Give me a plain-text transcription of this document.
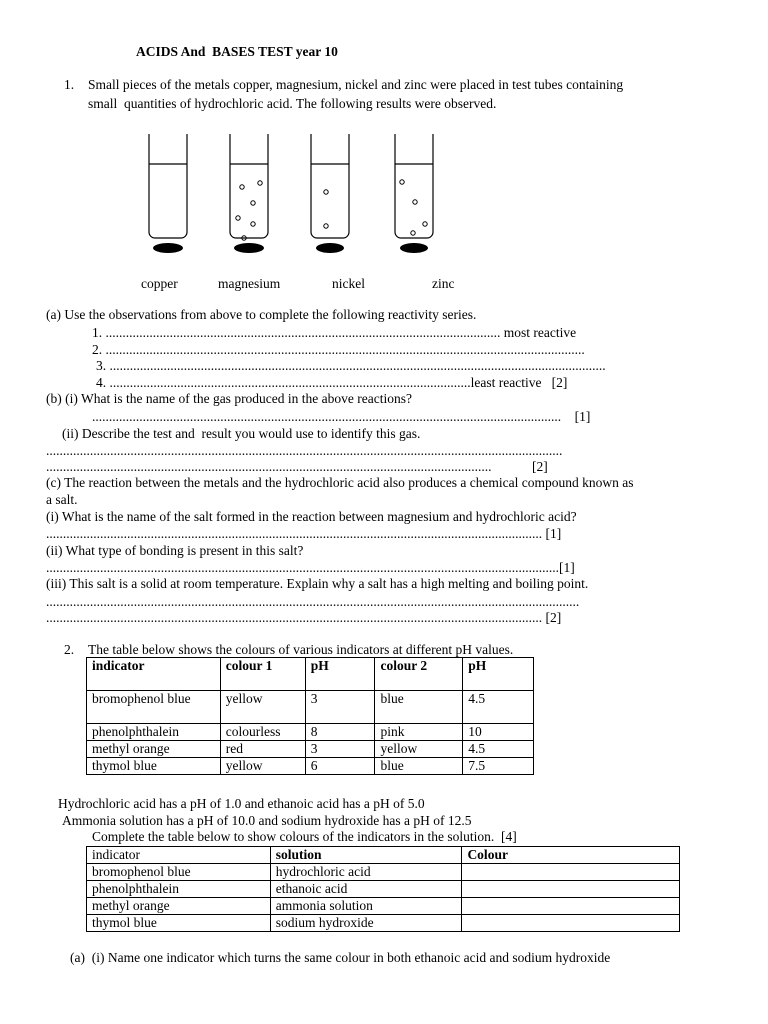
ACIDS And  BASES TEST year 10
1. Small pieces of the metals copper, magnesium, nickel and zinc were placed in test tubes containing
small  quantities of hydrochloric acid. The following results were observed.
copper	magnesium	nickel	zinc
(a) Use the observations from above to complete the following reactivity series.
1. ..................................................................................................................... most reactive
2. ..............................................................................................................................................
3. ...................................................................................................................................................
4. ...........................................................................................................least reactive   [2]
(b) (i) What is the name of the gas produced in the above reactions?
...........................................................................................................................................    [1]
(ii) Describe the test and  result you would use to identify this gas.
.........................................................................................................................................................
....................................................................................................................................            [2]
(c) The reaction between the metals and the hydrochloric acid also produces a chemical compound known as
a salt.
(i) What is the name of the salt formed in the reaction between magnesium and hydrochloric acid?
................................................................................................................................................... [1]
(ii) What type of bonding is present in this salt?
........................................................................................................................................................[1]
(iii) This salt is a solid at room temperature. Explain why a salt has a high melting and boiling point.
..............................................................................................................................................................
................................................................................................................................................... [2]
2. The table below shows the colours of various indicators at different pH values.
indicator	colour 1	pH	colour 2	pH
bromophenol blue	yellow	3	blue	4.5
phenolphthalein	colourless	8	pink	10
methyl orange	red	3	yellow	4.5
thymol blue	yellow	6	blue	7.5
Hydrochloric acid has a pH of 1.0 and ethanoic acid has a pH of 5.0
Ammonia solution has a pH of 10.0 and sodium hydroxide has a pH of 12.5
Complete the table below to show colours of the indicators in the solution.  [4]
indicator	solution	Colour
bromophenol blue	hydrochloric acid	
phenolphthalein	ethanoic acid	
methyl orange	ammonia solution	
thymol blue	sodium hydroxide	
(a)  (i) Name one indicator which turns the same colour in both ethanoic acid and sodium hydroxide
